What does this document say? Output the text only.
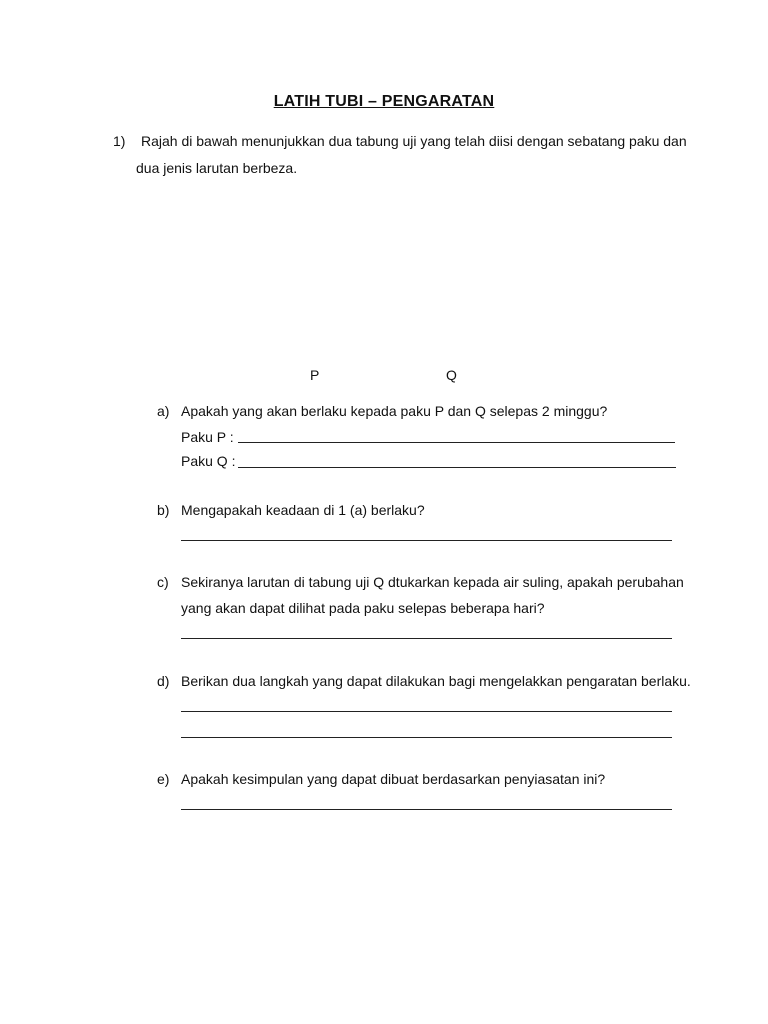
LATIH TUBI – PENGARATAN
1) Rajah di bawah menunjukkan dua tabung uji yang telah diisi dengan sebatang paku dan
dua jenis larutan berbeza.
P	Q
a) Apakah yang akan berlaku kepada paku P dan Q selepas 2 minggu?
Paku P :
Paku Q :
b) Mengapakah keadaan di 1 (a) berlaku?
c) Sekiranya larutan di tabung uji Q dtukarkan kepada air suling, apakah perubahan
yang akan dapat dilihat pada paku selepas beberapa hari?
d) Berikan dua langkah yang dapat dilakukan bagi mengelakkan pengaratan berlaku.
e) Apakah kesimpulan yang dapat dibuat berdasarkan penyiasatan ini?
